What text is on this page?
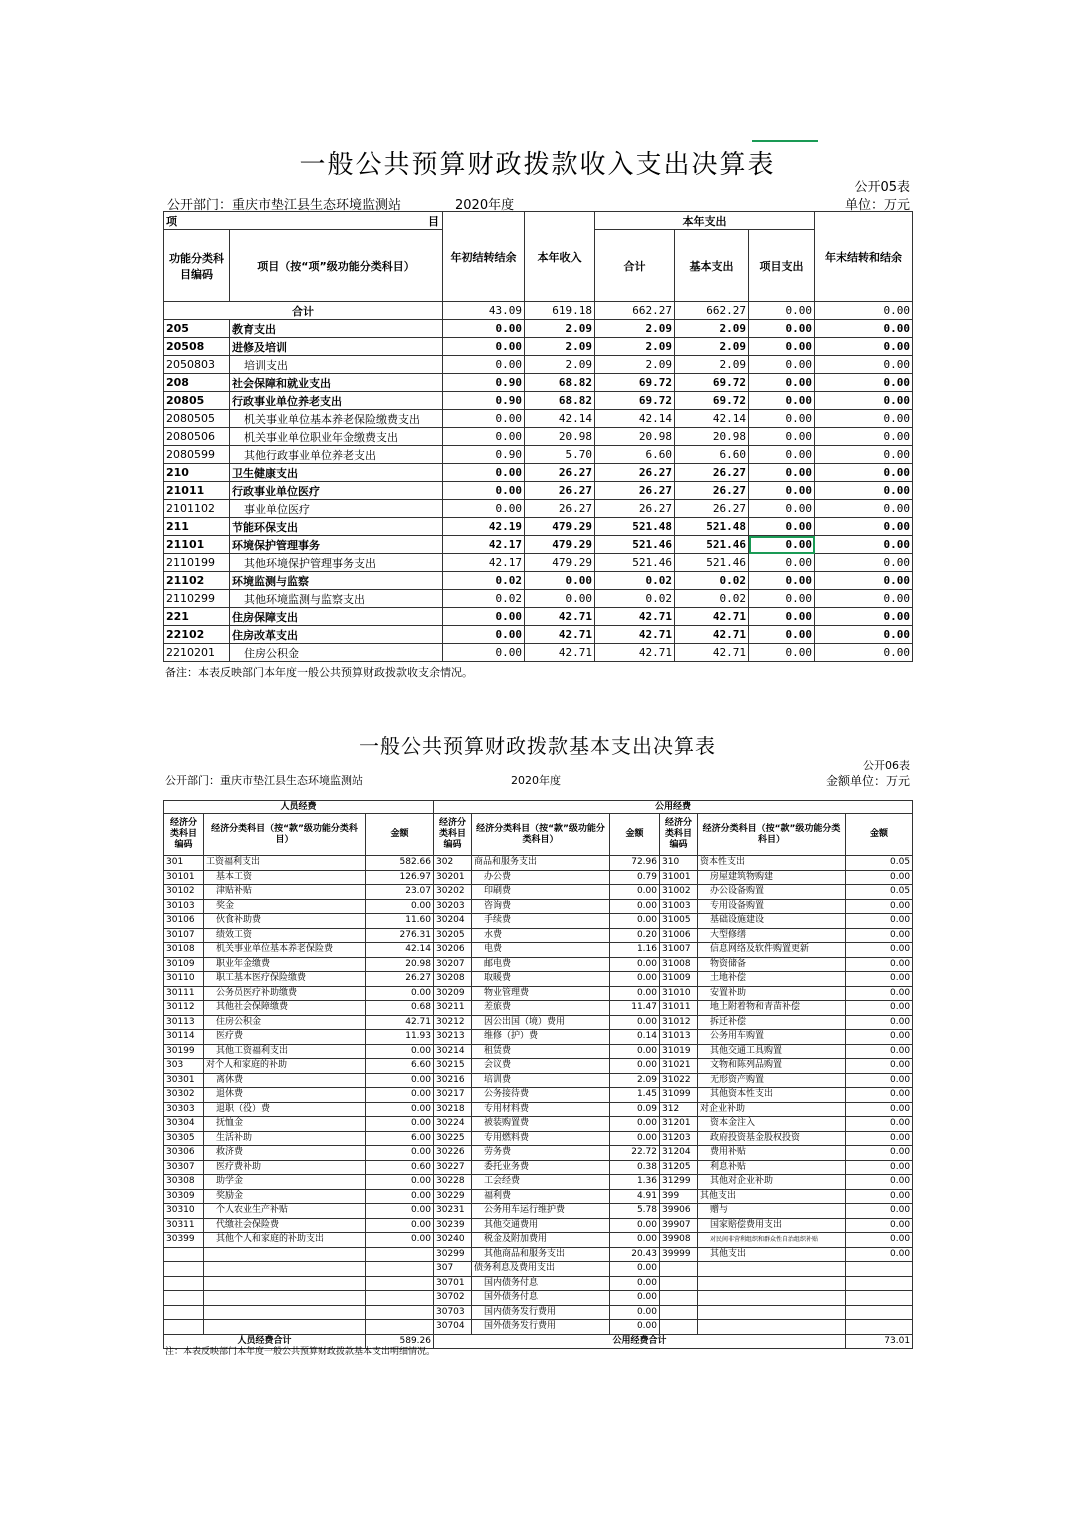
一般公共预算财政拨款收入支出决算表
公开05表
公开部门：重庆市垫江县生态环境监测站	2020年度	单位：万元
项 目		年初结转结余	本年收入	本年支出			年末结转和结余
功能分类科目编码	项目（按“项”级功能分类科目）			合计	基本支出	项目支出	
合计		43.09	619.18	662.27	662.27	0.00	0.00
205	教育支出	0.00	2.09	2.09	2.09	0.00	0.00
20508	进修及培训	0.00	2.09	2.09	2.09	0.00	0.00
2050803	培训支出	0.00	2.09	2.09	2.09	0.00	0.00
208	社会保障和就业支出	0.90	68.82	69.72	69.72	0.00	0.00
20805	行政事业单位养老支出	0.90	68.82	69.72	69.72	0.00	0.00
2080505	机关事业单位基本养老保险缴费支出	0.00	42.14	42.14	42.14	0.00	0.00
2080506	机关事业单位职业年金缴费支出	0.00	20.98	20.98	20.98	0.00	0.00
2080599	其他行政事业单位养老支出	0.90	5.70	6.60	6.60	0.00	0.00
210	卫生健康支出	0.00	26.27	26.27	26.27	0.00	0.00
21011	行政事业单位医疗	0.00	26.27	26.27	26.27	0.00	0.00
2101102	事业单位医疗	0.00	26.27	26.27	26.27	0.00	0.00
211	节能环保支出	42.19	479.29	521.48	521.48	0.00	0.00
21101	环境保护管理事务	42.17	479.29	521.46	521.46	0.00	0.00
2110199	其他环境保护管理事务支出	42.17	479.29	521.46	521.46	0.00	0.00
21102	环境监测与监察	0.02	0.00	0.02	0.02	0.00	0.00
2110299	其他环境监测与监察支出	0.02	0.00	0.02	0.02	0.00	0.00
221	住房保障支出	0.00	42.71	42.71	42.71	0.00	0.00
22102	住房改革支出	0.00	42.71	42.71	42.71	0.00	0.00
2210201	住房公积金	0.00	42.71	42.71	42.71	0.00	0.00
备注：本表反映部门本年度一般公共预算财政拨款收支余情况。
一般公共预算财政拨款基本支出决算表
公开06表
公开部门：重庆市垫江县生态环境监测站	2020年度	金额单位：万元
人员经费			公用经费					
经济分类科目编码	经济分类科目（按“款”级功能分类科目）	金额	经济分类科目编码	经济分类科目（按“款”级功能分类科目）	金额	经济分类科目编码	经济分类科目（按“款”级功能分类科目）	金额
301	工资福利支出	582.66	302	商品和服务支出	72.96	310	资本性支出	0.05
30101	基本工资	126.97	30201	办公费	0.79	31001	房屋建筑物购建	0.00
30102	津贴补贴	23.07	30202	印刷费	0.00	31002	办公设备购置	0.05
30103	奖金	0.00	30203	咨询费	0.00	31003	专用设备购置	0.00
30106	伙食补助费	11.60	30204	手续费	0.00	31005	基础设施建设	0.00
30107	绩效工资	276.31	30205	水费	0.20	31006	大型修缮	0.00
30108	机关事业单位基本养老保险费	42.14	30206	电费	1.16	31007	信息网络及软件购置更新	0.00
30109	职业年金缴费	20.98	30207	邮电费	0.00	31008	物资储备	0.00
30110	职工基本医疗保险缴费	26.27	30208	取暖费	0.00	31009	土地补偿	0.00
30111	公务员医疗补助缴费	0.00	30209	物业管理费	0.00	31010	安置补助	0.00
30112	其他社会保障缴费	0.68	30211	差旅费	11.47	31011	地上附着物和青苗补偿	0.00
30113	住房公积金	42.71	30212	因公出国（境）费用	0.00	31012	拆迁补偿	0.00
30114	医疗费	11.93	30213	维修（护）费	0.14	31013	公务用车购置	0.00
30199	其他工资福利支出	0.00	30214	租赁费	0.00	31019	其他交通工具购置	0.00
303	对个人和家庭的补助	6.60	30215	会议费	0.00	31021	文物和陈列品购置	0.00
30301	离休费	0.00	30216	培训费	2.09	31022	无形资产购置	0.00
30302	退休费	0.00	30217	公务接待费	1.45	31099	其他资本性支出	0.00
30303	退职（役）费	0.00	30218	专用材料费	0.09	312	对企业补助	0.00
30304	抚恤金	0.00	30224	被装购置费	0.00	31201	资本金注入	0.00
30305	生活补助	6.00	30225	专用燃料费	0.00	31203	政府投资基金股权投资	0.00
30306	救济费	0.00	30226	劳务费	22.72	31204	费用补贴	0.00
30307	医疗费补助	0.60	30227	委托业务费	0.38	31205	利息补贴	0.00
30308	助学金	0.00	30228	工会经费	1.36	31299	其他对企业补助	0.00
30309	奖励金	0.00	30229	福利费	4.91	399	其他支出	0.00
30310	个人农业生产补贴	0.00	30231	公务用车运行维护费	5.78	39906	赠与	0.00
30311	代缴社会保险费	0.00	30239	其他交通费用	0.00	39907	国家赔偿费用支出	0.00
30399	其他个人和家庭的补助支出	0.00	30240	税金及附加费用	0.00	39908	对民间非营利组织和群众性自治组织补贴	0.00
			30299	其他商品和服务支出	20.43	39999	其他支出	0.00
			307	债务利息及费用支出	0.00			
			30701	国内债务付息	0.00			
			30702	国外债务付息	0.00			
			30703	国内债务发行费用	0.00			
			30704	国外债务发行费用	0.00			
人员经费合计		589.26	公用经费合计					73.01
注：本表反映部门本年度一般公共预算财政拨款基本支出明细情况。
